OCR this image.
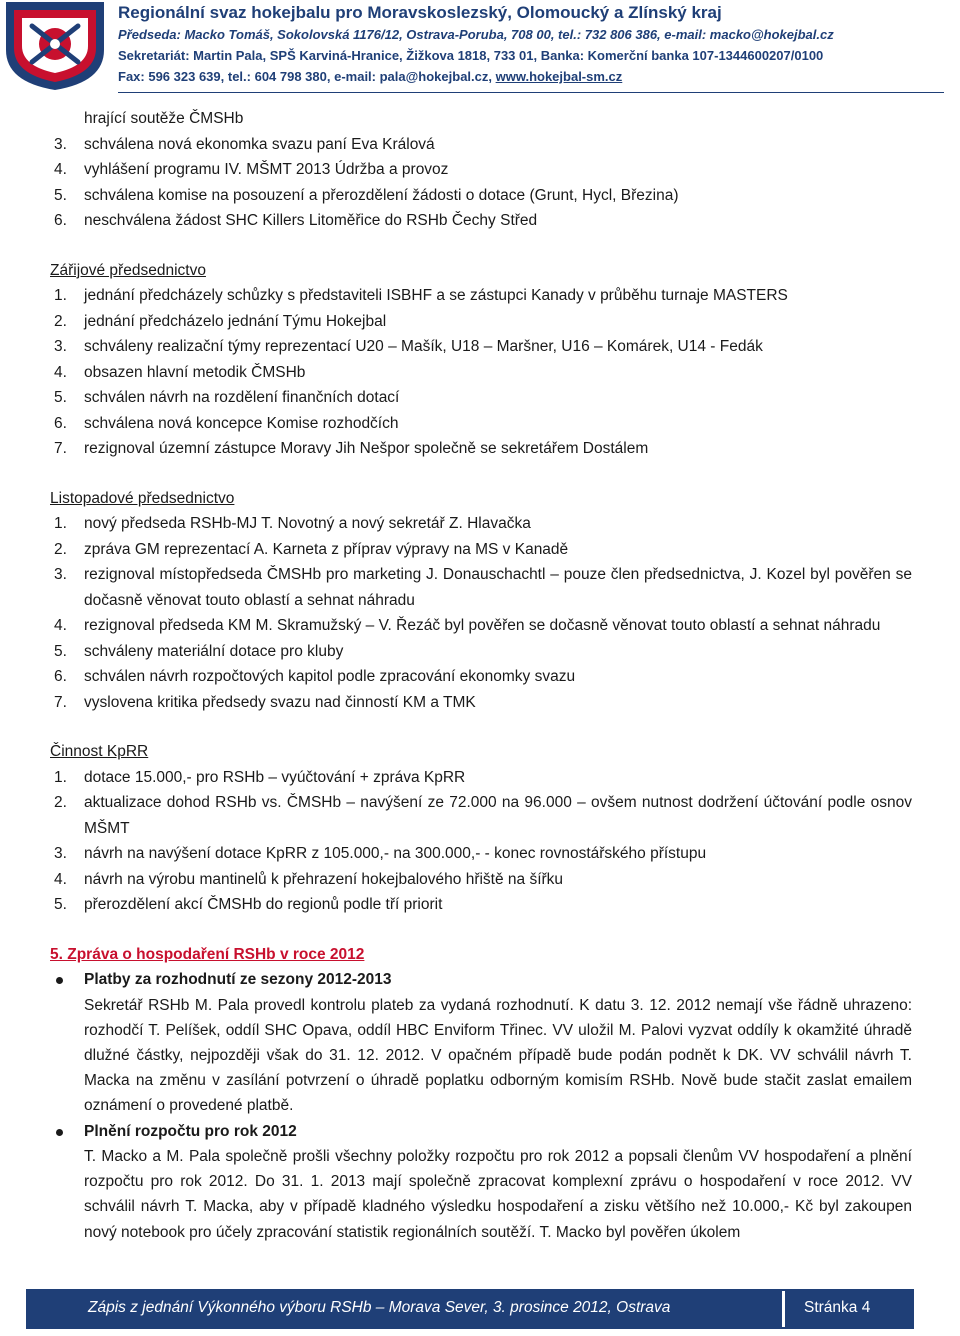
Regionální svaz hokejbalu pro Moravskoslezský, Olomoucký a Zlínský kraj
Předseda: Macko Tomáš, Sokolovská 1176/12, Ostrava-Poruba, 708 00, tel.: 732 806 386, e-mail: macko@hokejbal.cz
Sekretariát: Martin Pala, SPŠ Karviná-Hranice, Žižkova 1818, 733 01, Banka: Komerční banka 107-1344600207/0100
Fax: 596 323 639, tel.: 604 798 380, e-mail: pala@hokejbal.cz, www.hokejbal-sm.cz
hrající soutěže ČMSHb
3. schválena nová ekonomka svazu paní Eva Králová
4. vyhlášení programu IV. MŠMT 2013 Údržba a provoz
5. schválena komise na posouzení a přerozdělení žádosti o dotace (Grunt, Hycl, Březina)
6. neschválena žádost SHC Killers Litoměřice do RSHb Čechy Střed
Zářijové předsednictvo
1. jednání předcházely schůzky s představiteli ISBHF a se zástupci Kanady v průběhu turnaje MASTERS
2. jednání předcházelo jednání Týmu Hokejbal
3. schváleny realizační týmy reprezentací U20 – Mašík, U18 – Maršner, U16 – Komárek, U14 - Fedák
4. obsazen hlavní metodik ČMSHb
5. schválen návrh na rozdělení finančních dotací
6. schválena nová koncepce Komise rozhodčích
7. rezignoval územní zástupce Moravy Jih Nešpor společně se sekretářem Dostálem
Listopadové předsednictvo
1. nový předseda RSHb-MJ T. Novotný a nový sekretář Z. Hlavačka
2. zpráva GM reprezentací A. Karneta z příprav výpravy na MS v Kanadě
3. rezignoval místopředseda ČMSHb pro marketing J. Donauschachtl – pouze člen předsednictva, J. Kozel byl pověřen se dočasně věnovat touto oblastí a sehnat náhradu
4. rezignoval předseda KM M. Skramužský – V. Řezáč byl pověřen se dočasně věnovat touto oblastí a sehnat náhradu
5. schváleny materiální dotace pro kluby
6. schválen návrh rozpočtových kapitol podle zpracování ekonomky svazu
7. vyslovena kritika předsedy svazu nad činností KM a TMK
Činnost KpRR
1. dotace 15.000,- pro RSHb – vyúčtování + zpráva KpRR
2. aktualizace dohod RSHb vs. ČMSHb – navýšení ze 72.000 na 96.000 – ovšem nutnost dodržení účtování podle osnov MŠMT
3. návrh na navýšení dotace KpRR z 105.000,- na 300.000,- - konec rovnostářského přístupu
4. návrh na výrobu mantinelů k přehrazení hokejbalového hřiště na šířku
5. přerozdělení akcí ČMSHb do regionů podle tří priorit
5. Zpráva o hospodaření RSHb v roce 2012
Platby za rozhodnutí ze sezony 2012-2013
Sekretář RSHb M. Pala provedl kontrolu plateb za vydaná rozhodnutí. K datu 3. 12. 2012 nemají vše řádně uhrazeno: rozhodčí T. Pelíšek, oddíl SHC Opava, oddíl HBC Enviform Třinec. VV uložil M. Palovi vyzvat oddíly k okamžité úhradě dlužné částky, nejpozději však do 31. 12. 2012. V opačném případě bude podán podnět k DK. VV schválil návrh T. Macka na změnu v zasílání potvrzení o úhradě poplatku odborným komisím RSHb. Nově bude stačit zaslat emailem oznámení o provedené platbě.
Plnění rozpočtu pro rok 2012
T. Macko a M. Pala společně prošli všechny položky rozpočtu pro rok 2012 a popsali členům VV hospodaření a plnění rozpočtu pro rok 2012. Do 31. 1. 2013 mají společně zpracovat komplexní zprávu o hospodaření v roce 2012. VV schválil návrh T. Macka, aby v případě kladného výsledku hospodaření a zisku většího než 10.000,- Kč byl zakoupen nový notebook pro účely zpracování statistik regionálních soutěží. T. Macko byl pověřen úkolem
Zápis z jednání Výkonného výboru RSHb – Morava Sever, 3. prosince 2012, Ostrava	Stránka 4
